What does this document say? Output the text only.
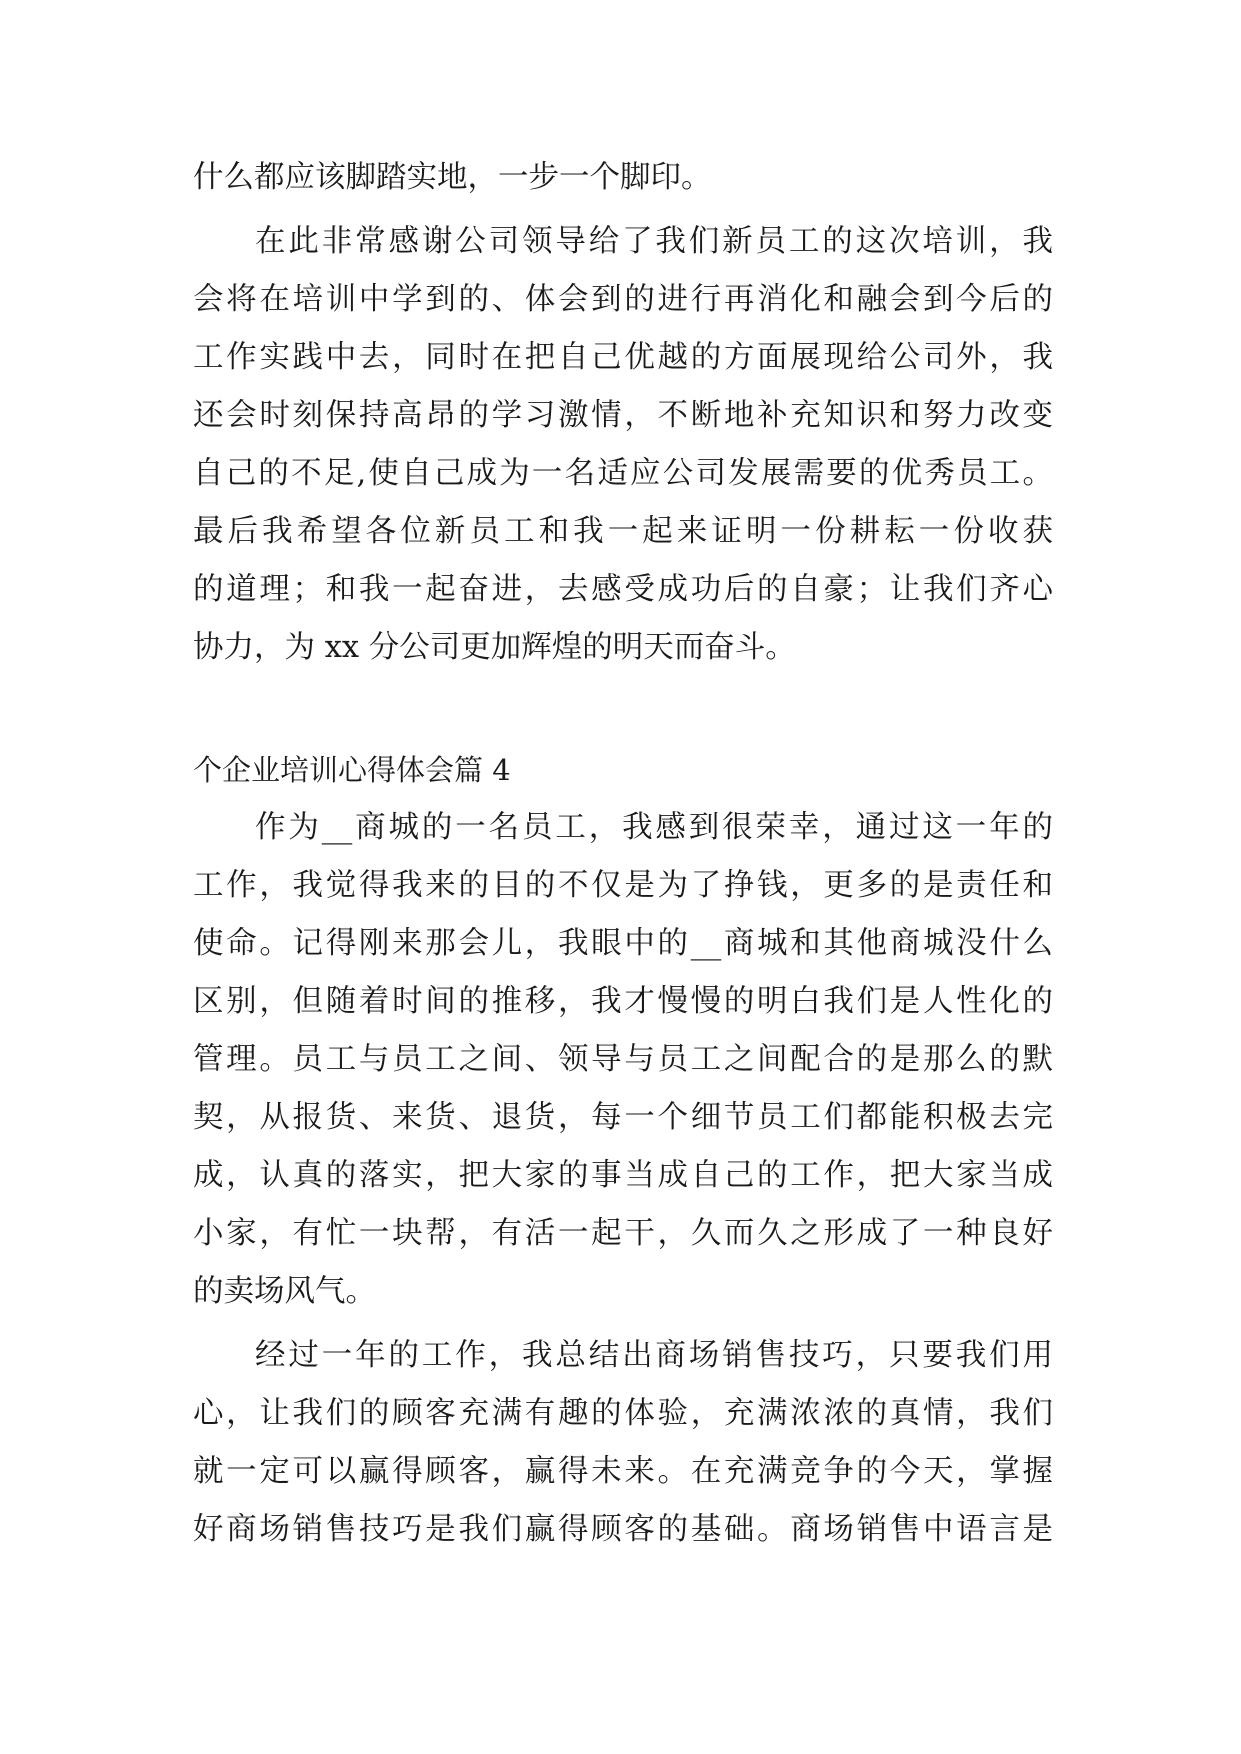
什么都应该脚踏实地，一步一个脚印。
在此非常感谢公司领导给了我们新员工的这次培训，我
会将在培训中学到的、体会到的进行再消化和融会到今后的
工作实践中去，同时在把自己优越的方面展现给公司外，我
还会时刻保持高昂的学习激情，不断地补充知识和努力改变
自己的不足,使自己成为一名适应公司发展需要的优秀员工。
最后我希望各位新员工和我一起来证明一份耕耘一份收获
的道理；和我一起奋进，去感受成功后的自豪；让我们齐心
协力，为 xx 分公司更加辉煌的明天而奋斗。
个企业培训心得体会篇 4
作为__商城的一名员工，我感到很荣幸，通过这一年的
工作，我觉得我来的目的不仅是为了挣钱，更多的是责任和
使命。记得刚来那会儿，我眼中的__商城和其他商城没什么
区别，但随着时间的推移，我才慢慢的明白我们是人性化的
管理。员工与员工之间、领导与员工之间配合的是那么的默
契，从报货、来货、退货，每一个细节员工们都能积极去完
成，认真的落实，把大家的事当成自己的工作，把大家当成
小家，有忙一块帮，有活一起干，久而久之形成了一种良好
的卖场风气。
经过一年的工作，我总结出商场销售技巧，只要我们用
心，让我们的顾客充满有趣的体验，充满浓浓的真情，我们
就一定可以赢得顾客，赢得未来。在充满竞争的今天，掌握
好商场销售技巧是我们赢得顾客的基础。商场销售中语言是
